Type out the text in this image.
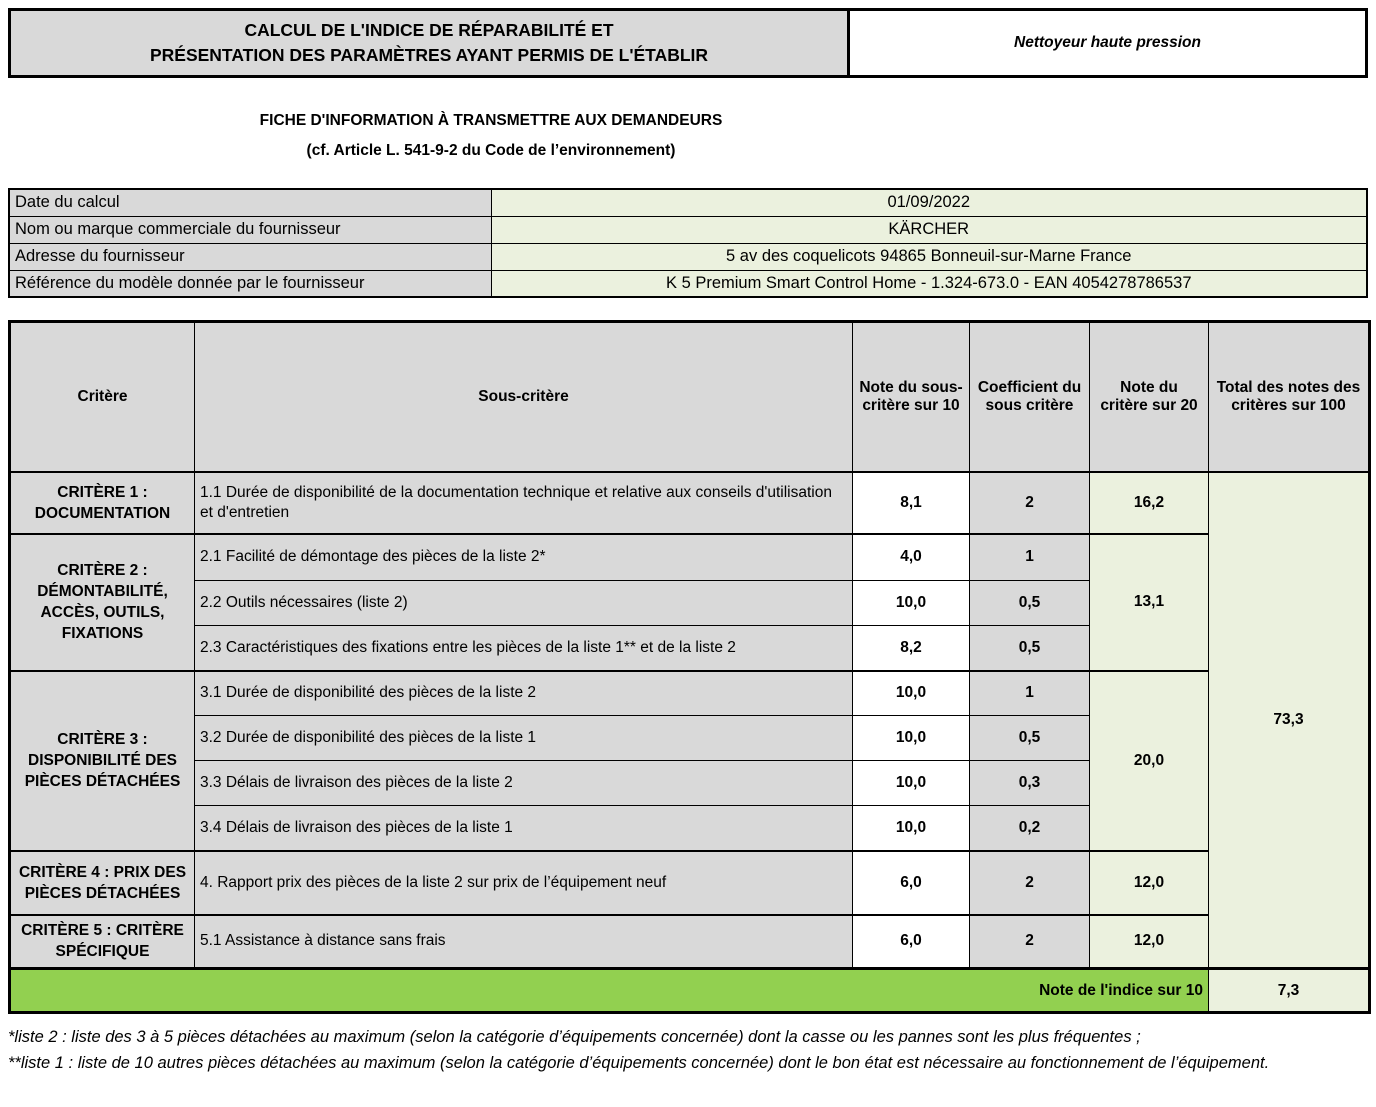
CALCUL DE L'INDICE DE RÉPARABILITÉ ET
PRÉSENTATION DES PARAMÈTRES AYANT PERMIS DE L'ÉTABLIR
Nettoyeur haute pression
FICHE D'INFORMATION À TRANSMETTRE AUX DEMANDEURS
(cf. Article L. 541-9-2 du Code de l’environnement)
Date du calcul	01/09/2022
Nom ou marque commerciale du fournisseur	KÄRCHER
Adresse du fournisseur	5 av des coquelicots 94865 Bonneuil-sur-Marne France
Référence du modèle donnée par le fournisseur	K 5 Premium Smart Control Home - 1.324-673.0 - EAN 4054278786537
Critère	Sous-critère	Note du sous-critère sur 10	Coefficient du sous critère	Note du critère sur 20	Total des notes des critères sur 100
CRITÈRE 1 : DOCUMENTATION	1.1 Durée de disponibilité de la documentation technique et relative aux conseils d'utilisation et d'entretien	8,1	2	16,2	73,3
CRITÈRE 2 : DÉMONTABILITÉ, ACCÈS, OUTILS, FIXATIONS	2.1 Facilité de démontage des pièces de la liste 2*	4,0	1	13,1	
	2.2 Outils nécessaires (liste 2)	10,0	0,5		
	2.3 Caractéristiques des fixations entre les pièces de la liste 1** et de la liste 2	8,2	0,5		
CRITÈRE 3 : DISPONIBILITÉ DES PIÈCES DÉTACHÉES	3.1 Durée de disponibilité des pièces de la liste 2	10,0	1	20,0	
	3.2 Durée de disponibilité des pièces de la liste 1	10,0	0,5		
	3.3 Délais de livraison des pièces de la liste 2	10,0	0,3		
	3.4 Délais de livraison des pièces de la liste 1	10,0	0,2		
CRITÈRE 4 : PRIX DES PIÈCES DÉTACHÉES	4. Rapport prix des pièces de la liste 2 sur prix de l’équipement neuf	6,0	2	12,0	
CRITÈRE 5 : CRITÈRE SPÉCIFIQUE	5.1 Assistance à distance sans frais	6,0	2	12,0	
Note de l'indice sur 10					7,3

*liste 2 : liste des 3 à 5 pièces détachées au maximum (selon la catégorie d’équipements concernée) dont la casse ou les pannes sont les plus fréquentes ;

**liste 1 : liste de 10 autres pièces détachées au maximum (selon la catégorie d’équipements concernée) dont le bon état est nécessaire au fonctionnement de l’équipement.
